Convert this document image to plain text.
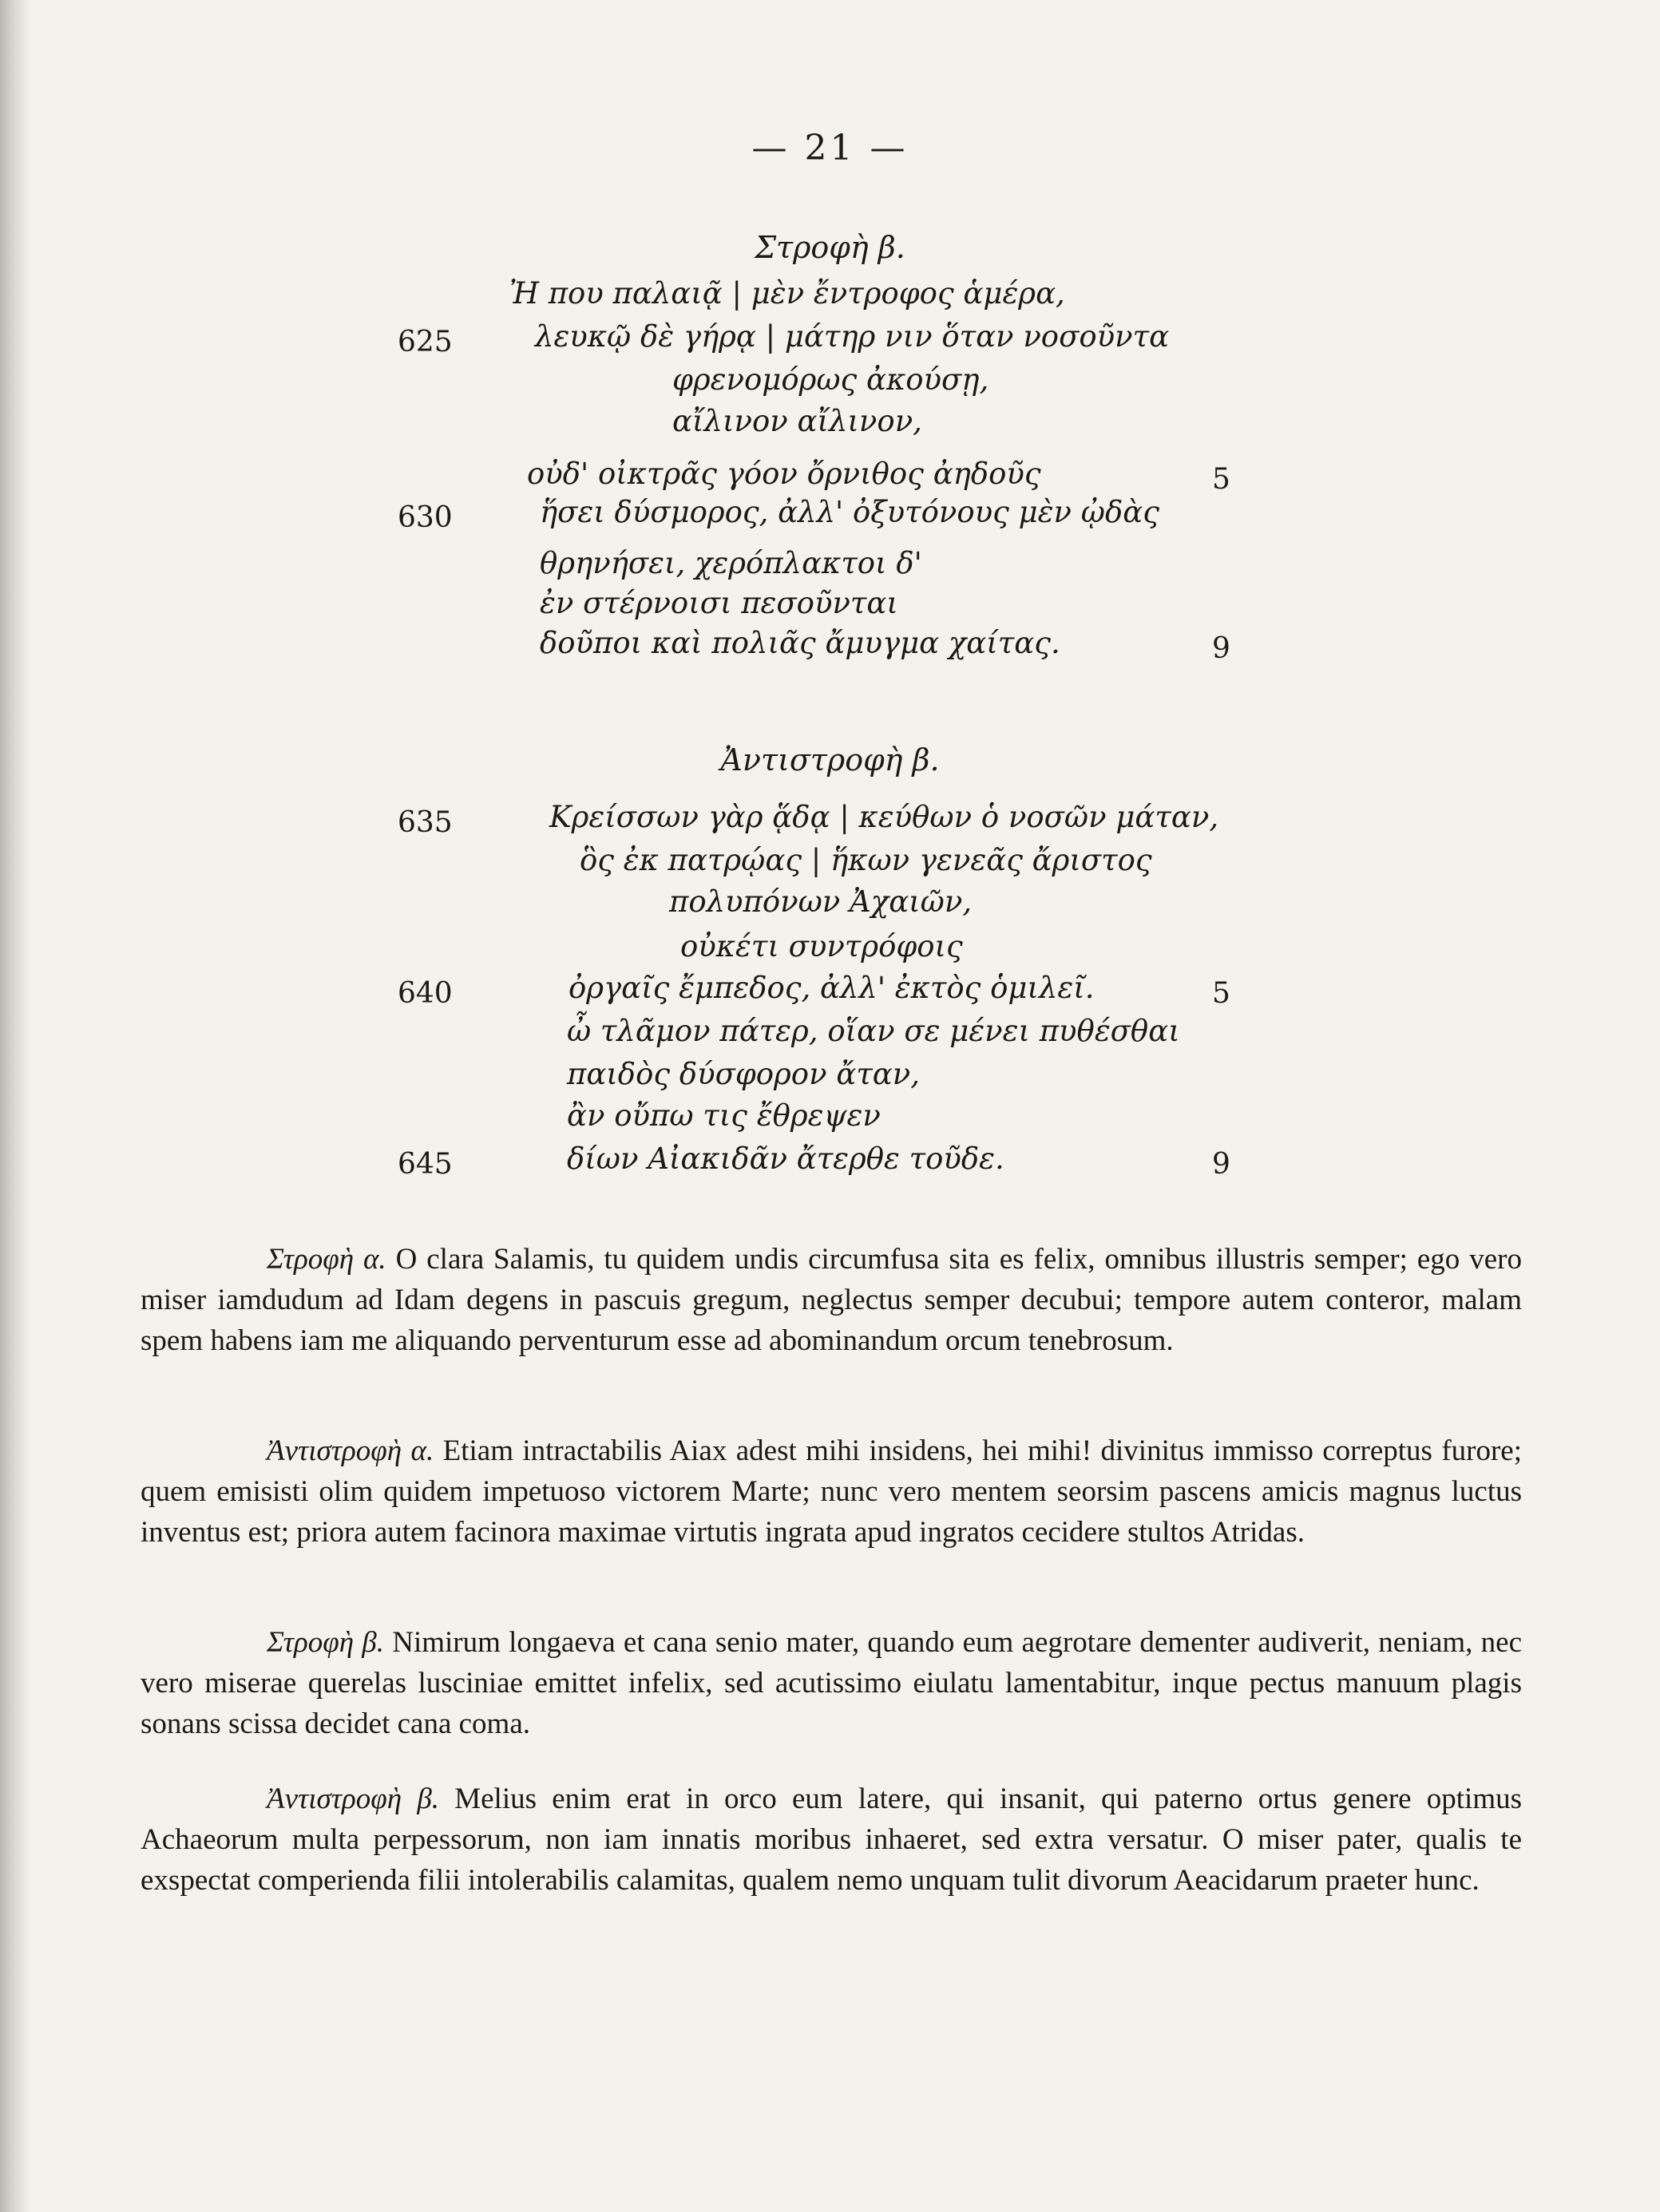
— 21 —
Στροφὴ β.
Ἠ που παλαιᾷ | μὲν ἔντροφος ἁμέρα,
625	λευκῷ δὲ γήρᾳ | μάτηρ νιν ὅταν νοσοῦντα
φρενομόρως ἀκούσῃ,
αἴλινον αἴλινον,
οὐδ' οἰκτρᾶς γόον ὄρνιθος ἀηδοῦς	5
630	ἥσει δύσμορος, ἀλλ' ὀξυτόνους μὲν ᾠδὰς
θρηνήσει, χερόπλακτοι δ'
ἐν στέρνοισι πεσοῦνται
δοῦποι καὶ πολιᾶς ἄμυγμα χαίτας.	9
Ἀντιστροφὴ β.
635	Κρείσσων γὰρ ᾅδᾳ | κεύθων ὁ νοσῶν μάταν,
ὃς ἐκ πατρῴας | ἥκων γενεᾶς ἄριστος
πολυπόνων Ἀχαιῶν,
οὐκέτι συντρόφοις
640	ὀργαῖς ἔμπεδος, ἀλλ' ἐκτὸς ὁμιλεῖ.	5
ὦ τλᾶμον πάτερ, οἵαν σε μένει πυθέσθαι
παιδὸς δύσφορον ἄταν,
ἂν οὔπω τις ἔθρεψεν
645	δίων Αἰακιδᾶν ἄτερθε τοῦδε.	9

Στροφὴ α. O clara Salamis, tu quidem undis circumfusa sita es felix, omnibus illustris semper; ego vero miser iamdudum ad Idam degens in pascuis gregum, neglectus semper decubui; tempore autem conteror, malam spem habens iam me aliquando perventurum esse ad abominandum orcum tenebrosum.

Ἀντιστροφὴ α. Etiam intractabilis Aiax adest mihi insidens, hei mihi! divinitus immisso correptus furore; quem emisisti olim quidem impetuoso victorem Marte; nunc vero mentem seorsim pascens amicis magnus luctus inventus est; priora autem facinora maximae virtutis ingrata apud ingratos cecidere stultos Atridas.

Στροφὴ β. Nimirum longaeva et cana senio mater, quando eum aegrotare dementer audiverit, neniam, nec vero miserae querelas lusciniae emittet infelix, sed acutissimo eiulatu lamentabitur, inque pectus manuum plagis sonans scissa decidet cana coma.

Ἀντιστροφὴ β. Melius enim erat in orco eum latere, qui insanit, qui paterno ortus genere optimus Achaeorum multa perpessorum, non iam innatis moribus inhaeret, sed extra versatur. O miser pater, qualis te exspectat comperienda filii intolerabilis calamitas, qualem nemo unquam tulit divorum Aeacidarum praeter hunc.
